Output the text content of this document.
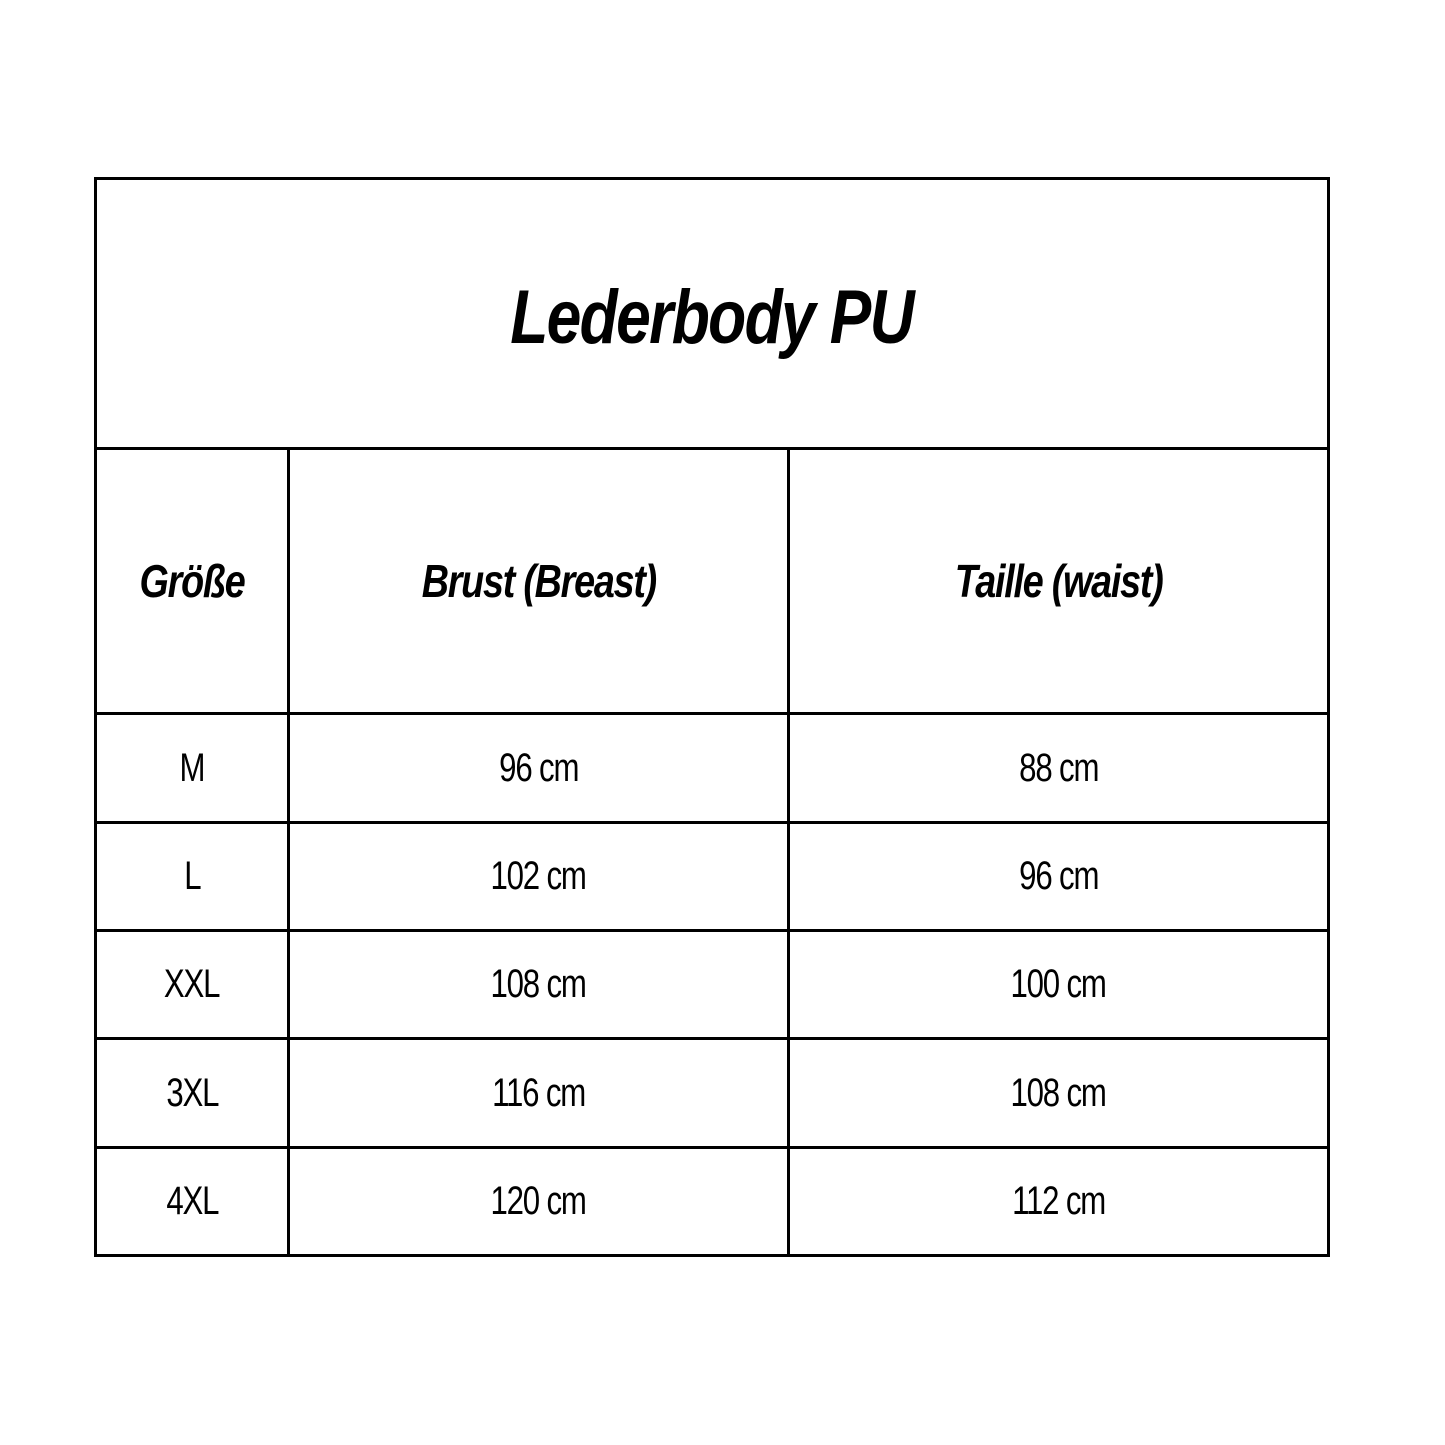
Lederbody PU		
Größe	Brust (Breast)	Taille (waist)
M	96 cm	88 cm
L	102 cm	96 cm
XXL	108 cm	100 cm
3XL	116 cm	108 cm
4XL	120 cm	112 cm
